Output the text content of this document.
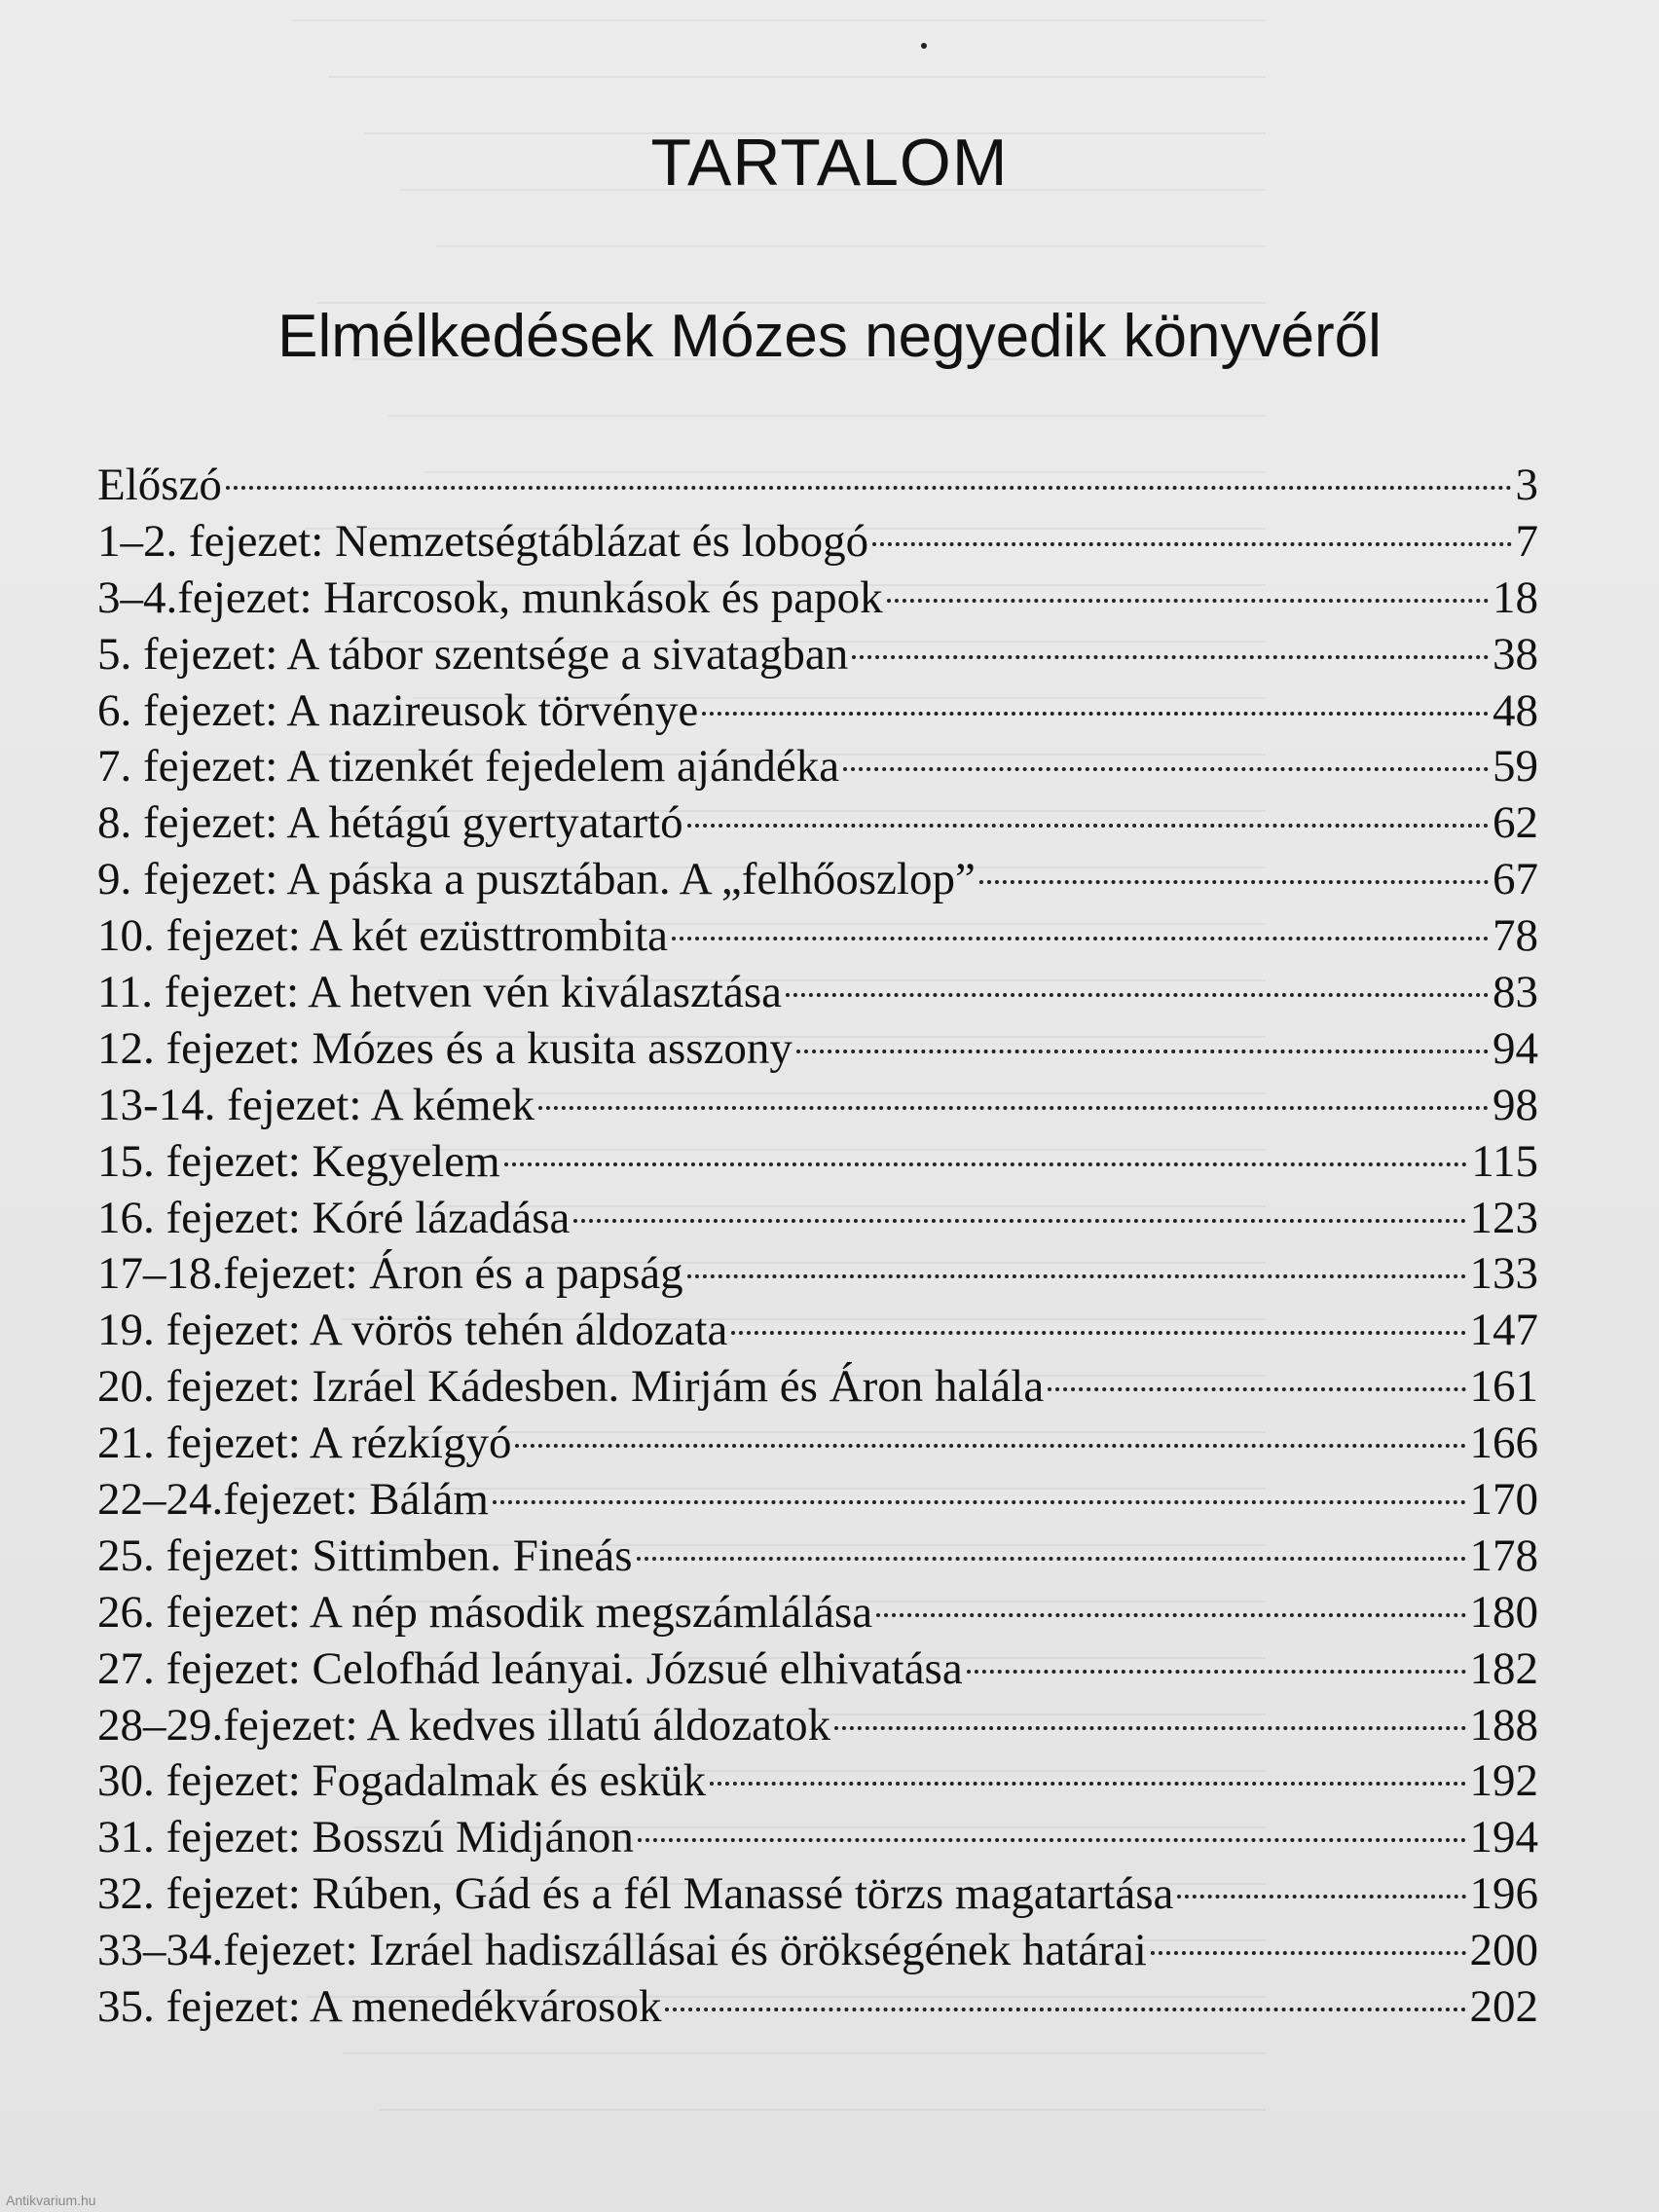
TARTALOM
Elmélkedések Mózes negyedik könyvéről
Előszó	3
1–2. fejezet: Nemzetségtáblázat és lobogó	7
3–4.fejezet: Harcosok, munkások és papok	18
5. fejezet: A tábor szentsége a sivatagban	38
6. fejezet: A nazireusok törvénye	48
7. fejezet: A tizenkét fejedelem ajándéka	59
8. fejezet: A hétágú gyertyatartó	62
9. fejezet: A páska a pusztában. A „felhőoszlop”	67
10. fejezet: A két ezüsttrombita	78
11. fejezet: A hetven vén kiválasztása	83
12. fejezet: Mózes és a kusita asszony	94
13-14. fejezet: A kémek	98
15. fejezet: Kegyelem	115
16. fejezet: Kóré lázadása	123
17–18.fejezet: Áron és a papság	133
19. fejezet: A vörös tehén áldozata	147
20. fejezet: Izráel Kádesben. Mirjám és Áron halála	161
21. fejezet: A rézkígyó	166
22–24.fejezet: Bálám	170
25. fejezet: Sittimben. Fineás	178
26. fejezet: A nép második megszámlálása	180
27. fejezet: Celofhád leányai. Józsué elhivatása	182
28–29.fejezet: A kedves illatú áldozatok	188
30. fejezet: Fogadalmak és eskük	192
31. fejezet: Bosszú Midjánon	194
32. fejezet: Rúben, Gád és a fél Manassé törzs magatartása	196
33–34.fejezet: Izráel hadiszállásai és örökségének határai	200
35. fejezet: A menedékvárosok	202
Antikvarium.hu
